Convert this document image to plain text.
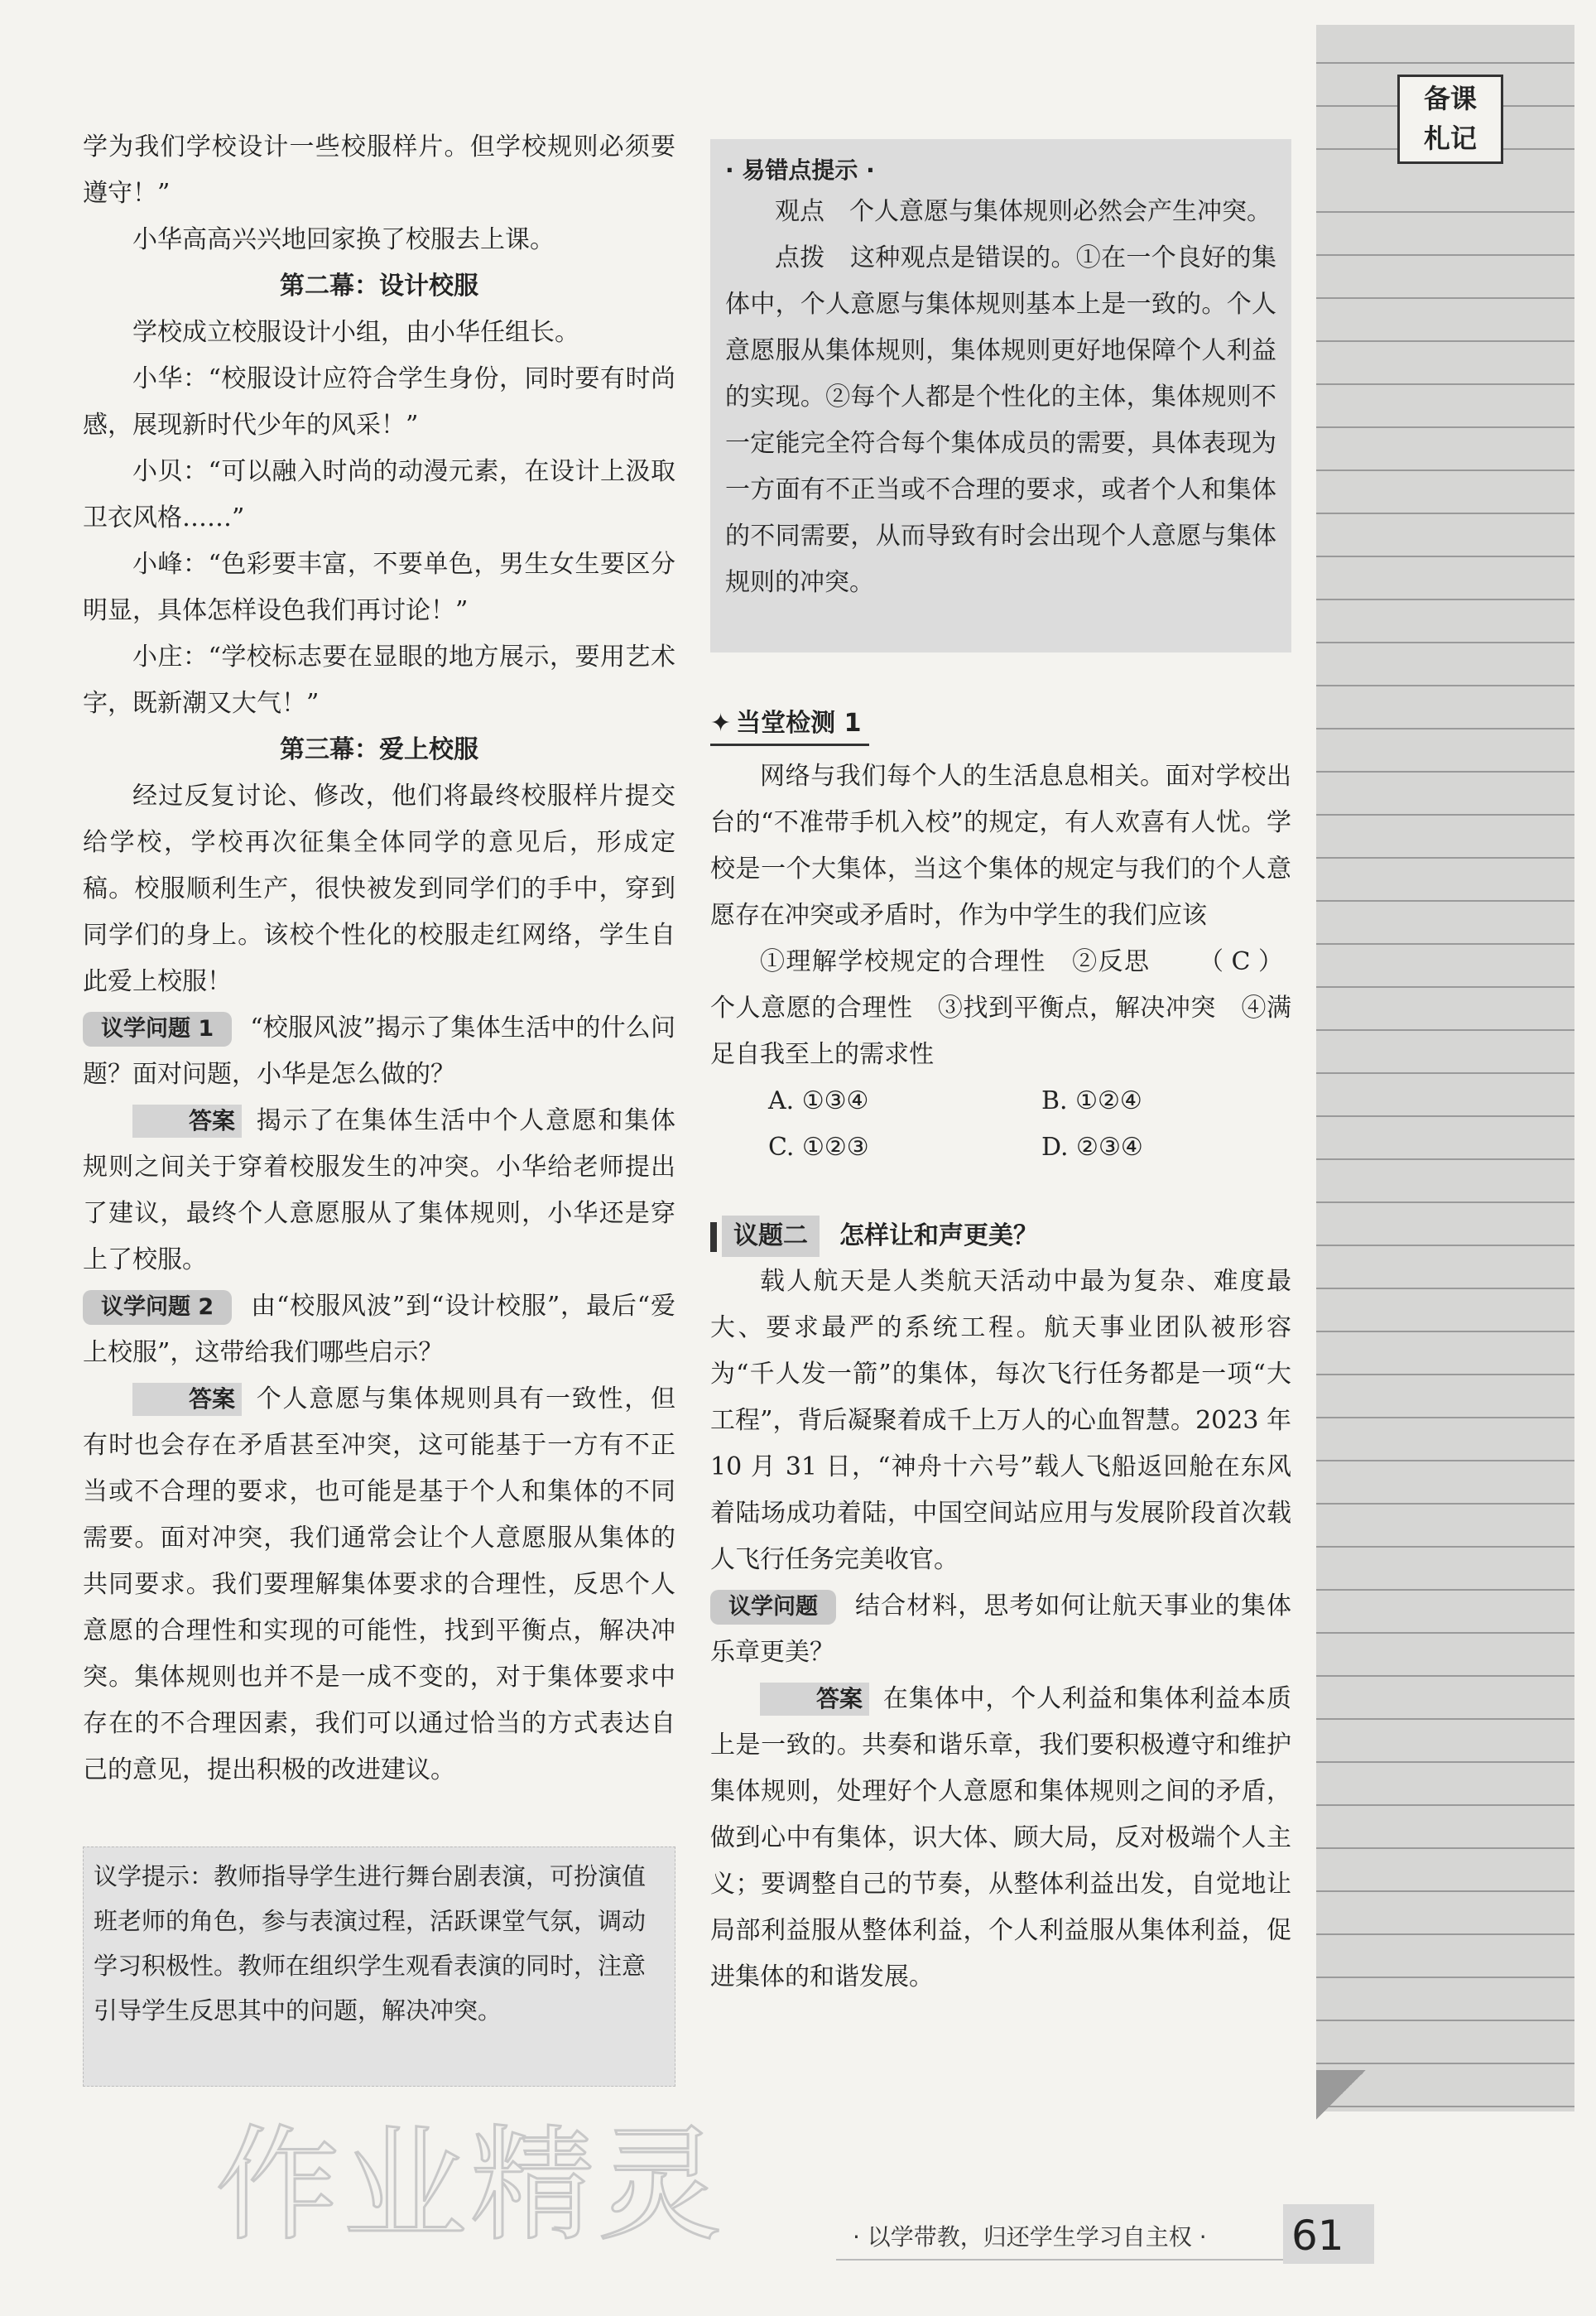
学为我们学校设计一些校服样片。但学校规则必须要遵守！”

小华高高兴兴地回家换了校服去上课。

第二幕：设计校服

学校成立校服设计小组，由小华任组长。

小华：“校服设计应符合学生身份，同时要有时尚感，展现新时代少年的风采！”

小贝：“可以融入时尚的动漫元素，在设计上汲取卫衣风格……”

小峰：“色彩要丰富，不要单色，男生女生要区分明显，具体怎样设色我们再讨论！”

小庄：“学校标志要在显眼的地方展示，要用艺术字，既新潮又大气！”

第三幕：爱上校服

经过反复讨论、修改，他们将最终校服样片提交给学校，学校再次征集全体同学的意见后，形成定稿。校服顺利生产，很快被发到同学们的手中，穿到同学们的身上。该校个性化的校服走红网络，学生自此爱上校服！

议学问题 1 “校服风波”揭示了集体生活中的什么问题？面对问题，小华是怎么做的？

答案 揭示了在集体生活中个人意愿和集体规则之间关于穿着校服发生的冲突。小华给老师提出了建议，最终个人意愿服从了集体规则，小华还是穿上了校服。

议学问题 2 由“校服风波”到“设计校服”，最后“爱上校服”，这带给我们哪些启示？

答案 个人意愿与集体规则具有一致性，但有时也会存在矛盾甚至冲突，这可能基于一方有不正当或不合理的要求，也可能是基于个人和集体的不同需要。面对冲突，我们通常会让个人意愿服从集体的共同要求。我们要理解集体要求的合理性，反思个人意愿的合理性和实现的可能性，找到平衡点，解决冲突。集体规则也并不是一成不变的，对于集体要求中存在的不合理因素，我们可以通过恰当的方式表达自己的意见，提出积极的改进建议。

议学提示：教师指导学生进行舞台剧表演，可扮演值班老师的角色，参与表演过程，活跃课堂气氛，调动学习积极性。教师在组织学生观看表演的同时，注意引导学生反思其中的问题，解决冲突。
· 易错点提示 ·

观点　个人意愿与集体规则必然会产生冲突。

点拨　这种观点是错误的。①在一个良好的集体中，个人意愿与集体规则基本上是一致的。个人意愿服从集体规则，集体规则更好地保障个人利益的实现。②每个人都是个性化的主体，集体规则不一定能完全符合每个集体成员的需要，具体表现为一方面有不正当或不合理的要求，或者个人和集体的不同需要，从而导致有时会出现个人意愿与集体规则的冲突。

✦ 当堂检测 1

网络与我们每个人的生活息息相关。面对学校出台的“不准带手机入校”的规定，有人欢喜有人忧。学校是一个大集体，当这个集体的规定与我们的个人意愿存在冲突或矛盾时，作为中学生的我们应该
（ C ）

①理解学校规定的合理性　②反思个人意愿的合理性　③找到平衡点，解决冲突　④满足自我至上的需求性

A. ①③④	B. ①②④
C. ①②③	D. ②③④
议题二 怎样让和声更美？

载人航天是人类航天活动中最为复杂、难度最大、要求最严的系统工程。航天事业团队被形容为“千人发一箭”的集体，每次飞行任务都是一项“大工程”，背后凝聚着成千上万人的心血智慧。2023 年 10 月 31 日，“神舟十六号”载人飞船返回舱在东风着陆场成功着陆，中国空间站应用与发展阶段首次载人飞行任务完美收官。

议学问题 结合材料，思考如何让航天事业的集体乐章更美？

答案 在集体中，个人利益和集体利益本质上是一致的。共奏和谐乐章，我们要积极遵守和维护集体规则，处理好个人意愿和集体规则之间的矛盾，做到心中有集体，识大体、顾大局，反对极端个人主义；要调整自己的节奏，从整体利益出发，自觉地让局部利益服从整体利益，个人利益服从集体利益，促进集体的和谐发展。

备课
札记
作业精灵	· 以学带教，归还学生学习自主权 · 61
